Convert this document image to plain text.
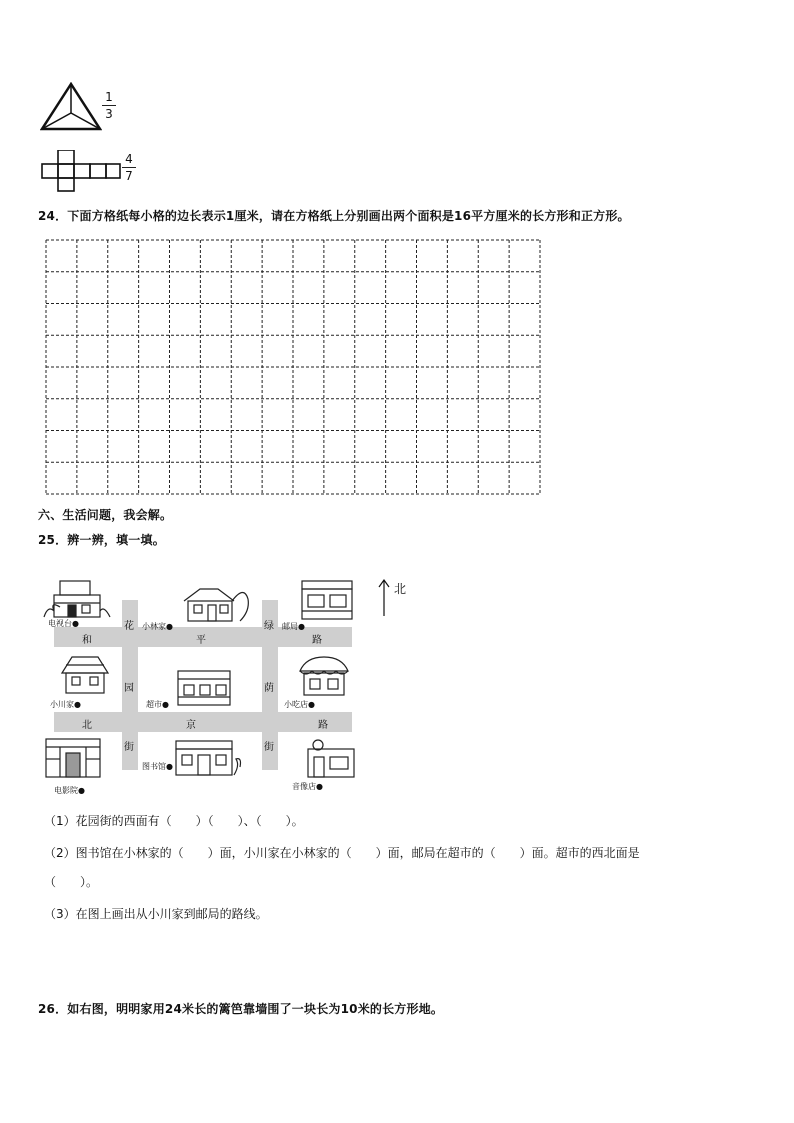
1
3
4
7
24．下面方格纸每小格的边长表示1厘米，请在方格纸上分别画出两个面积是16平方厘米的长方形和正方形。
六、生活问题，我会解。
25．辨一辨，填一填。
和	平	路
北	京	路
花
园
街
绿
荫
街
电视台●	小林家●	邮局●
小川家●	超市●	小吃店●
电影院●
图书馆●
音像店●
北
（1）花园街的西面有（　　）（　　）、（　　）。
（2）图书馆在小林家的（　　）面，小川家在小林家的（　　）面，邮局在超市的（　　）面。超市的西北面是
（　　）。
（3）在图上画出从小川家到邮局的路线。
26．如右图，明明家用24米长的篱笆靠墙围了一块长为10米的长方形地。
